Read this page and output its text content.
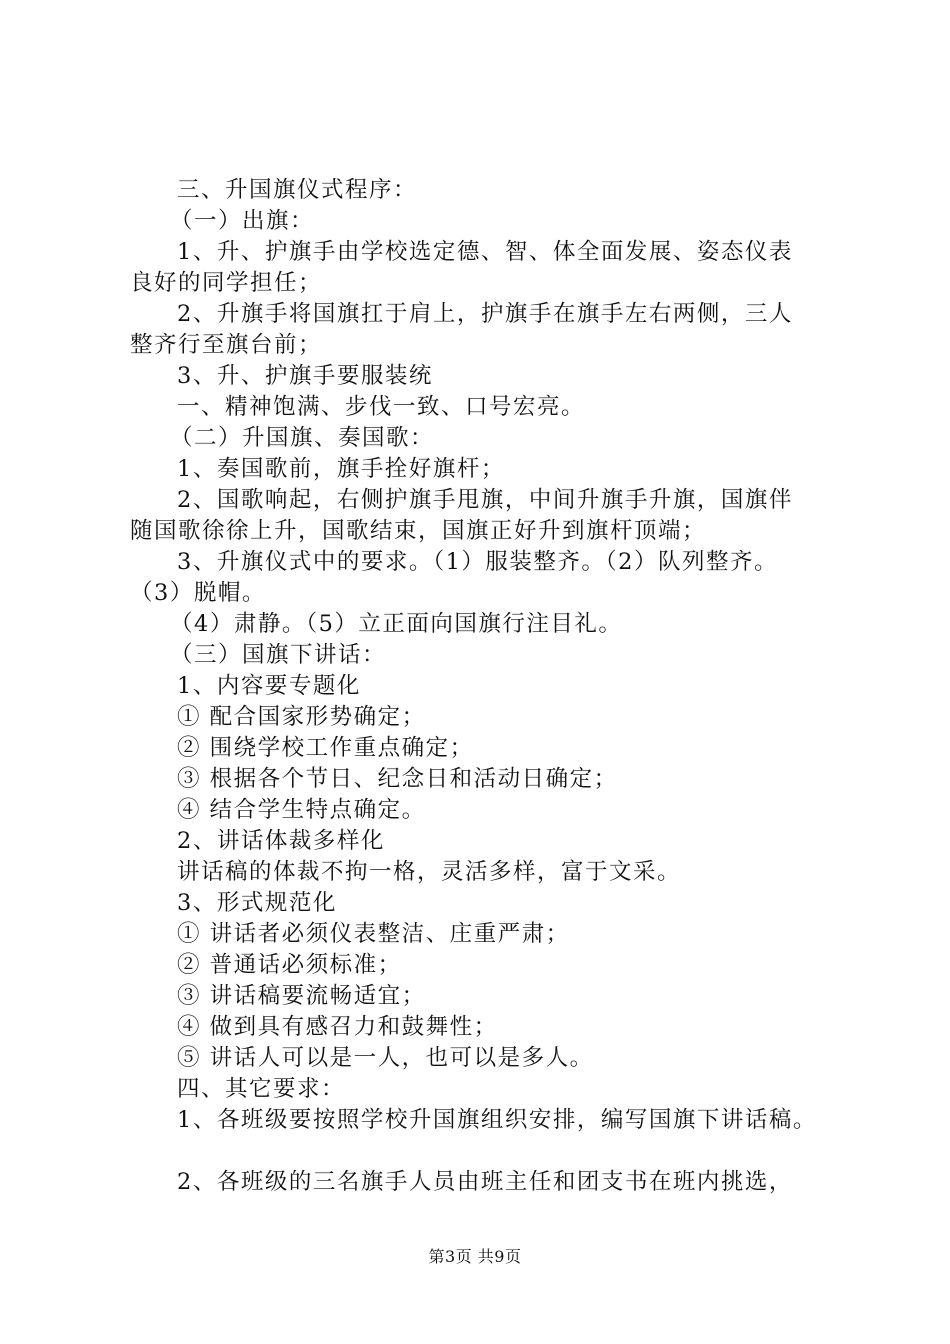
三、升国旗仪式程序：

（一）出旗：

1、升、护旗手由学校选定德、智、体全面发展、姿态仪表

良好的同学担任；

2、升旗手将国旗扛于肩上，护旗手在旗手左右两侧，三人

整齐行至旗台前；

3、升、护旗手要服装统

一、精神饱满、步伐一致、口号宏亮。

（二）升国旗、奏国歌：

1、奏国歌前，旗手拴好旗杆；

2、国歌响起，右侧护旗手甩旗，中间升旗手升旗，国旗伴

随国歌徐徐上升，国歌结束，国旗正好升到旗杆顶端；

3、升旗仪式中的要求。（1）服装整齐。（2）队列整齐。

（3）脱帽。

（4）肃静。（5）立正面向国旗行注目礼。

（三）国旗下讲话：

1、内容要专题化

① 配合国家形势确定；

② 围绕学校工作重点确定；

③ 根据各个节日、纪念日和活动日确定；

④ 结合学生特点确定。

2、讲话体裁多样化

讲话稿的体裁不拘一格，灵活多样，富于文采。

3、形式规范化

① 讲话者必须仪表整洁、庄重严肃；

② 普通话必须标准；

③ 讲话稿要流畅适宜；

④ 做到具有感召力和鼓舞性；

⑤ 讲话人可以是一人，也可以是多人。

四、其它要求：

1、各班级要按照学校升国旗组织安排，编写国旗下讲话稿。

2、各班级的三名旗手人员由班主任和团支书在班内挑选，

第3页 共9页
